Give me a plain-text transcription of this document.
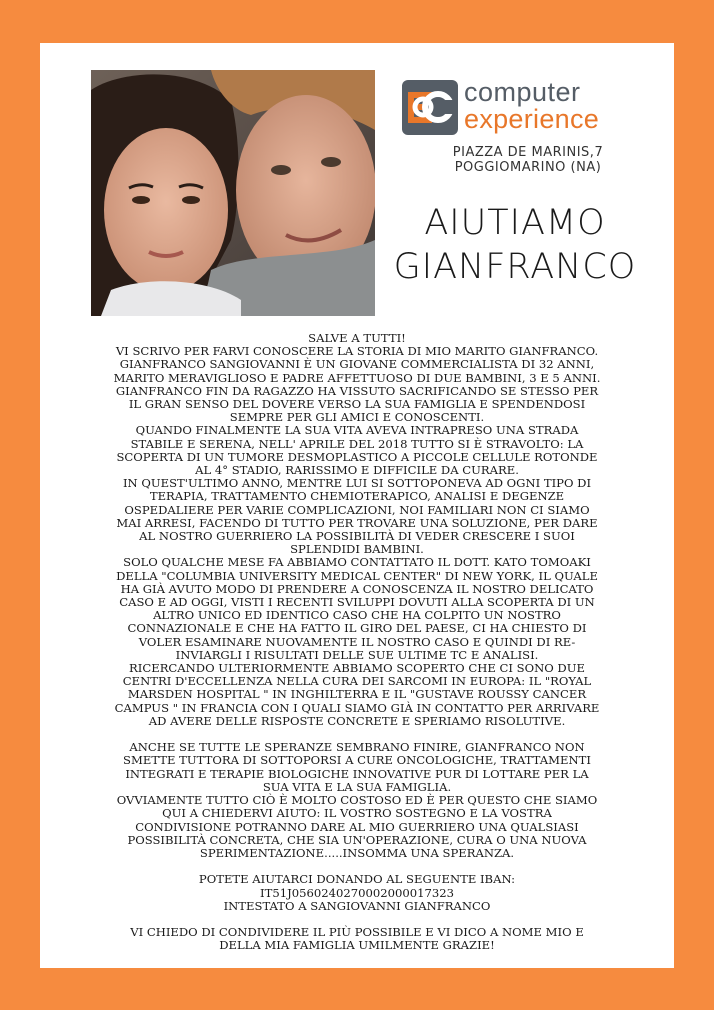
computer
experience
PIAZZA DE MARINIS,7
POGGIOMARINO (NA)
AIUTIAMO
GIANFRANCO
SALVE A TUTTI!
VI SCRIVO PER FARVI CONOSCERE LA STORIA DI MIO MARITO GIANFRANCO.
GIANFRANCO SANGIOVANNI È UN GIOVANE COMMERCIALISTA DI 32 ANNI,
MARITO MERAVIGLIOSO E PADRE AFFETTUOSO DI DUE BAMBINI, 3 E 5 ANNI.
GIANFRANCO FIN DA RAGAZZO HA VISSUTO SACRIFICANDO SE STESSO PER
IL GRAN SENSO DEL DOVERE VERSO LA SUA FAMIGLIA E SPENDENDOSI
SEMPRE PER GLI AMICI E CONOSCENTI.
QUANDO FINALMENTE LA SUA VITA AVEVA INTRAPRESO UNA STRADA
STABILE E SERENA, NELL' APRILE DEL 2018 TUTTO SI È STRAVOLTO: LA
SCOPERTA DI UN TUMORE DESMOPLASTICO A PICCOLE CELLULE ROTONDE
AL 4° STADIO, RARISSIMO E DIFFICILE DA CURARE.
IN QUEST'ULTIMO ANNO, MENTRE LUI SI SOTTOPONEVA AD OGNI TIPO DI
TERAPIA, TRATTAMENTO CHEMIOTERAPICO, ANALISI E DEGENZE
OSPEDALIERE PER VARIE COMPLICAZIONI, NOI FAMILIARI NON CI SIAMO
MAI ARRESI, FACENDO DI TUTTO PER TROVARE UNA SOLUZIONE, PER DARE
AL NOSTRO GUERRIERO LA POSSIBILITÀ DI VEDER CRESCERE I SUOI
SPLENDIDI BAMBINI.
SOLO QUALCHE MESE FA ABBIAMO CONTATTATO IL DOTT. KATO TOMOAKI
DELLA "COLUMBIA UNIVERSITY MEDICAL CENTER" DI NEW YORK, IL QUALE
HA GIÀ AVUTO MODO DI PRENDERE A CONOSCENZA IL NOSTRO DELICATO
CASO E AD OGGI, VISTI I RECENTI SVILUPPI DOVUTI ALLA SCOPERTA DI UN
ALTRO UNICO ED IDENTICO CASO CHE HA COLPITO UN NOSTRO
CONNAZIONALE E CHE HA FATTO IL GIRO DEL PAESE, CI HA CHIESTO DI
VOLER ESAMINARE NUOVAMENTE IL NOSTRO CASO E QUINDI DI RE-
INVIARGLI I RISULTATI DELLE SUE ULTIME TC E ANALISI.
RICERCANDO ULTERIORMENTE ABBIAMO SCOPERTO CHE CI SONO DUE
CENTRI D'ECCELLENZA NELLA CURA DEI SARCOMI IN EUROPA: IL "ROYAL
MARSDEN HOSPITAL " IN INGHILTERRA E IL "GUSTAVE ROUSSY CANCER
CAMPUS " IN FRANCIA CON I QUALI SIAMO GIÀ IN CONTATTO PER ARRIVARE
AD AVERE DELLE RISPOSTE CONCRETE E SPERIAMO RISOLUTIVE.
ANCHE SE TUTTE LE SPERANZE SEMBRANO FINIRE, GIANFRANCO NON
SMETTE TUTTORA DI SOTTOPORSI A CURE ONCOLOGICHE, TRATTAMENTI
INTEGRATI E TERAPIE BIOLOGICHE INNOVATIVE PUR DI LOTTARE PER LA
SUA VITA E LA SUA FAMIGLIA.
OVVIAMENTE TUTTO CIÒ È MOLTO COSTOSO ED È PER QUESTO CHE SIAMO
QUI A CHIEDERVI AIUTO: IL VOSTRO SOSTEGNO E LA VOSTRA
CONDIVISIONE POTRANNO DARE AL MIO GUERRIERO UNA QUALSIASI
POSSIBILITÀ CONCRETA, CHE SIA UN'OPERAZIONE, CURA O UNA NUOVA
SPERIMENTAZIONE.....INSOMMA UNA SPERANZA.
POTETE AIUTARCI DONANDO AL SEGUENTE IBAN:
IT51J0560240270002000017323
INTESTATO A SANGIOVANNI GIANFRANCO
VI CHIEDO DI CONDIVIDERE IL PIÙ POSSIBILE E VI DICO A NOME MIO E
DELLA MIA FAMIGLIA UMILMENTE GRAZIE!
